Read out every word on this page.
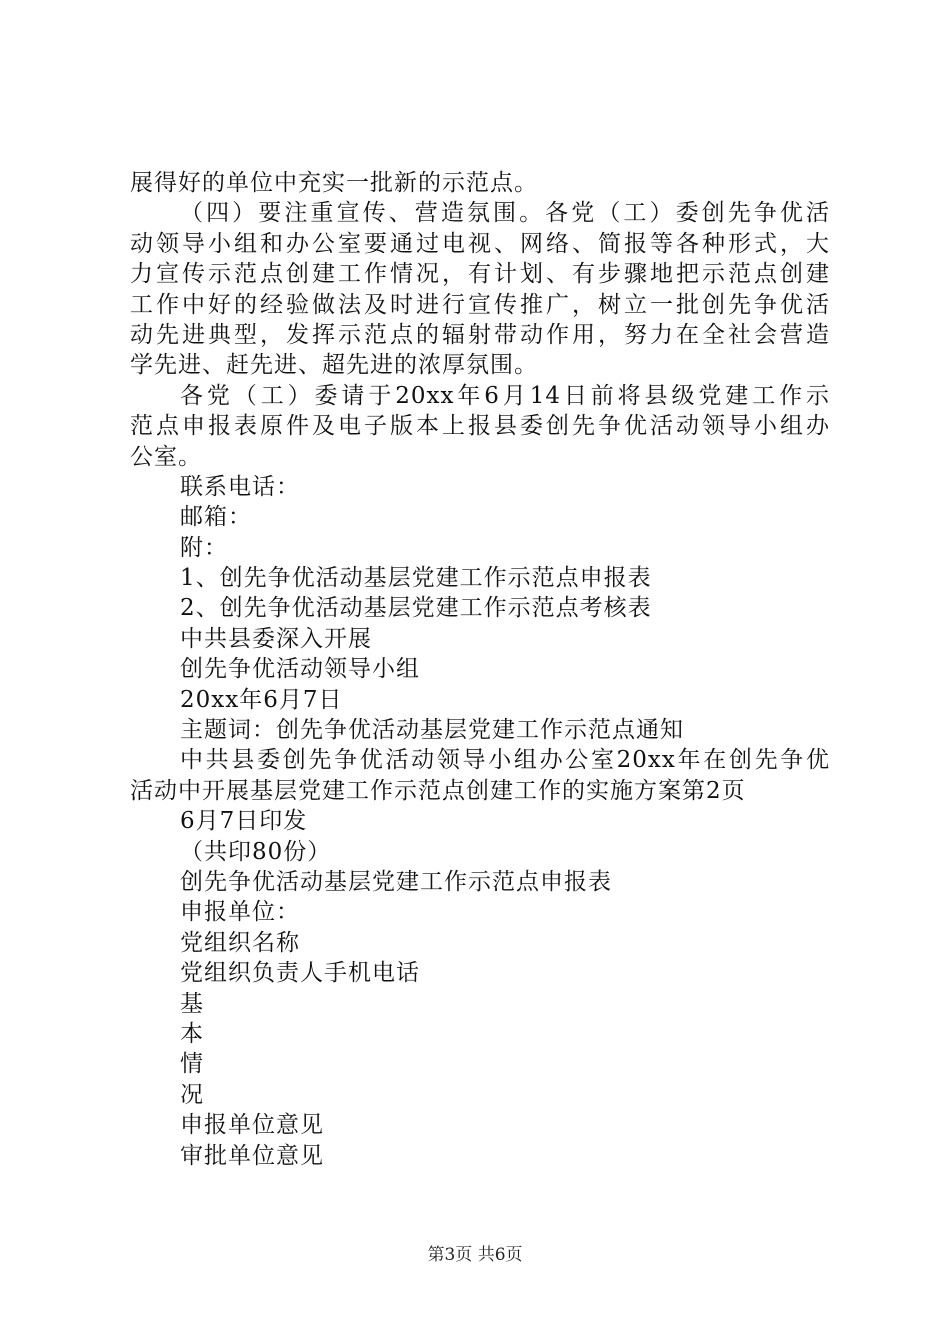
展得好的单位中充实一批新的示范点。
（四）要注重宣传、营造氛围。各党（工）委创先争优活
动领导小组和办公室要通过电视、网络、简报等各种形式，大
力宣传示范点创建工作情况，有计划、有步骤地把示范点创建
工作中好的经验做法及时进行宣传推广，树立一批创先争优活
动先进典型，发挥示范点的辐射带动作用，努力在全社会营造
学先进、赶先进、超先进的浓厚氛围。
各党（工）委请于20xx年6月14日前将县级党建工作示
范点申报表原件及电子版本上报县委创先争优活动领导小组办
公室。
联系电话：
邮箱：
附：
1、创先争优活动基层党建工作示范点申报表
2、创先争优活动基层党建工作示范点考核表
中共县委深入开展
创先争优活动领导小组
20xx年6月7日
主题词：创先争优活动基层党建工作示范点通知
中共县委创先争优活动领导小组办公室20xx年在创先争优
活动中开展基层党建工作示范点创建工作的实施方案第2页
6月7日印发
（共印80份）
创先争优活动基层党建工作示范点申报表
申报单位：
党组织名称
党组织负责人手机电话
基
本
情
况
申报单位意见
审批单位意见
第3页 共6页
